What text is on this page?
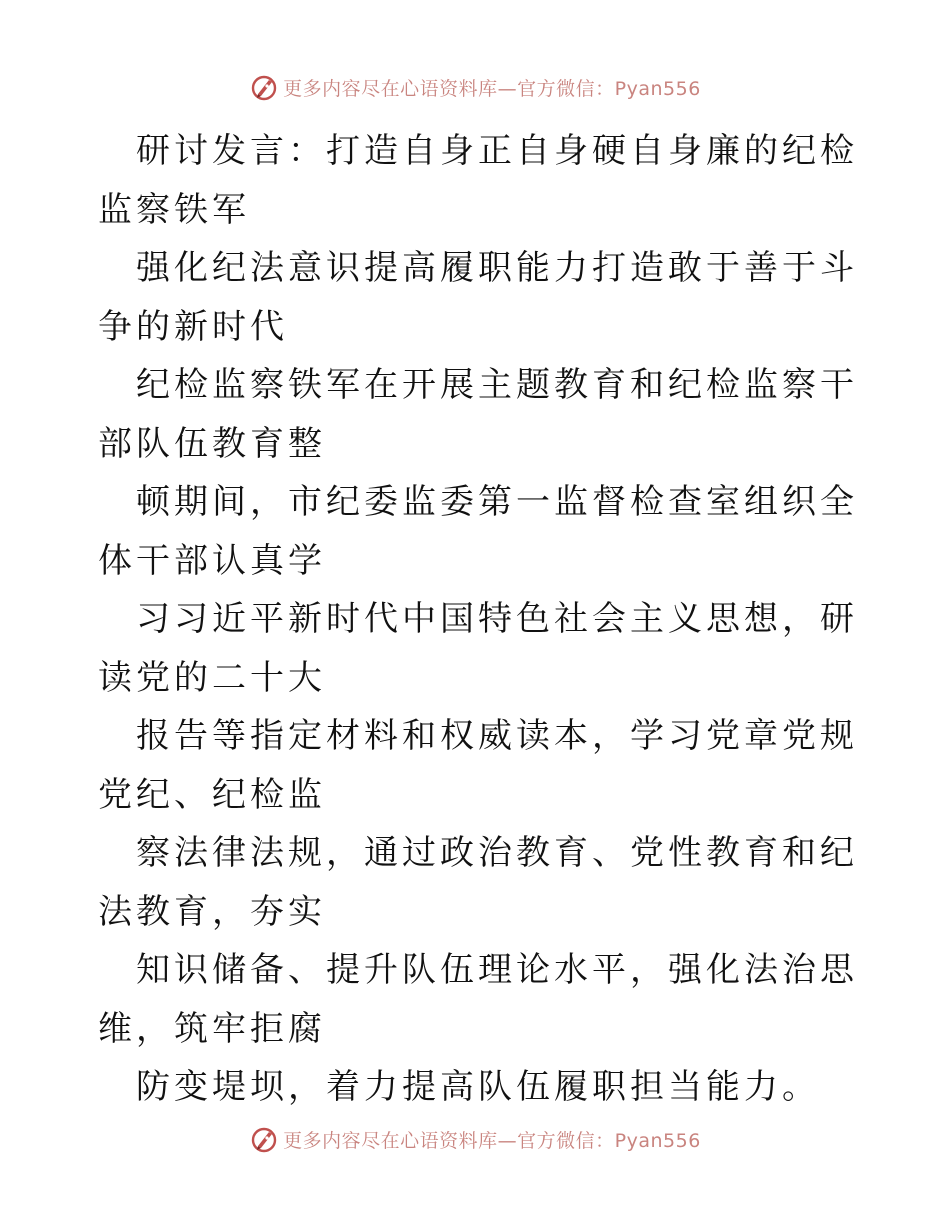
更多内容尽在心语资料库—官方微信：Pyan556

研讨发言：打造自身正自身硬自身廉的纪检监察铁军

强化纪法意识提高履职能力打造敢于善于斗争的新时代

纪检监察铁军在开展主题教育和纪检监察干部队伍教育整

顿期间，市纪委监委第一监督检查室组织全体干部认真学

习习近平新时代中国特色社会主义思想，研读党的二十大

报告等指定材料和权威读本，学习党章党规党纪、纪检监

察法律法规，通过政治教育、党性教育和纪法教育，夯实

知识储备、提升队伍理论水平，强化法治思维，筑牢拒腐

防变堤坝，着力提高队伍履职担当能力。

更多内容尽在心语资料库—官方微信：Pyan556
